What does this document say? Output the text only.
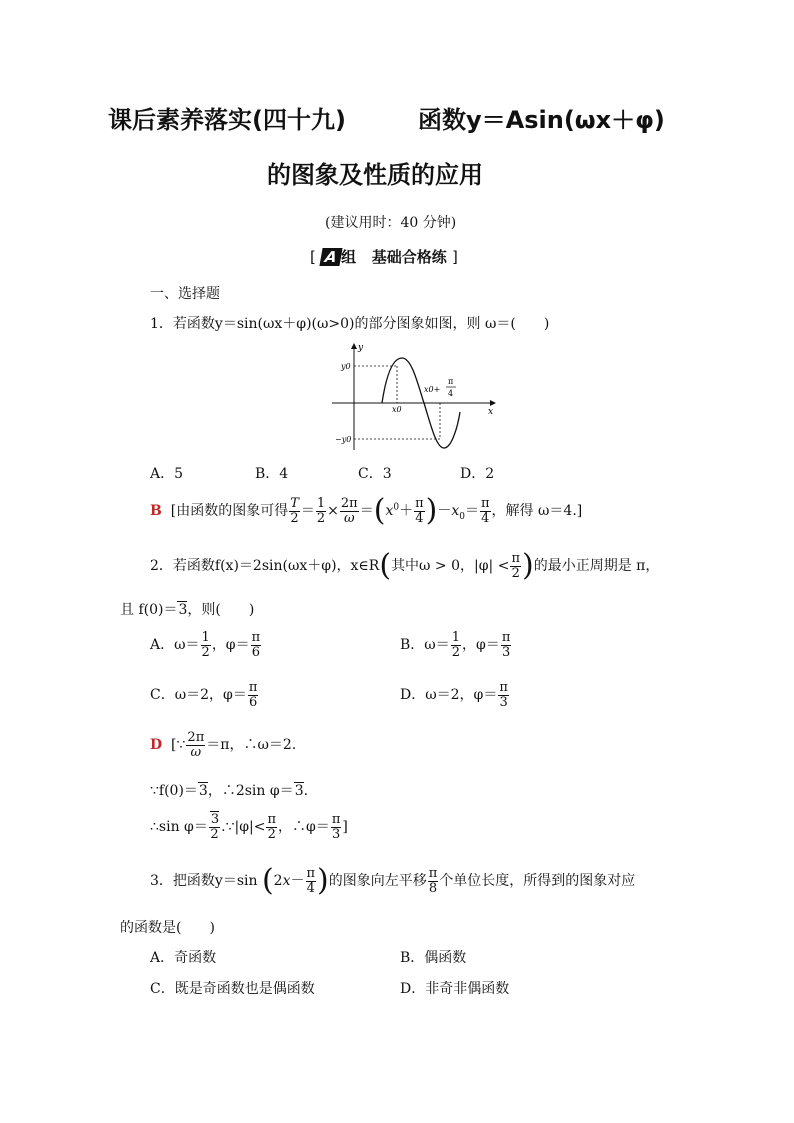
课后素养落实(四十九)	函数y＝Asin(ωx＋φ)
的图象及性质的应用
(建议用时：40 分钟)
[ A 组 基础合格练 ]
一、选择题
1．若函数y＝sin(ωx＋φ)(ω>0)的部分图象如图，则 ω＝(　　)
y
x
y0
−y0
x0
x0+
π
4
A．5	B．4	C．3	D．2
B [由函数的图象可得 $\frac{T}{2} = \frac{1}{2} \times \frac{2\pi}{\omega} =(x^0+ \frac{\pi}{4} )-x_0= \frac{\pi}{4}$ ，解得 ω＝4.]
2．若函数f(x)＝2sin(ωx＋φ)，x∈R(其中ω > 0，$|\varphi| < \frac{\pi}{2}$ )的最小正周期是 π，
且 f(0)＝3，则(　　)
A．$\omega= \frac{1}{2}$ ，$\varphi= \frac{\pi}{6}$	B．$\omega= \frac{1}{2}$ ，$\varphi= \frac{\pi}{3}$
C．ω＝2，$\varphi= \frac{\pi}{6}$	D．ω＝2，$\varphi= \frac{\pi}{3}$
D [∵ $\frac{2\pi}{\omega} =\pi$，∴ω＝2.
∵f(0)＝3，∴2sin φ＝3.
∴sin $\varphi= \frac{3}{2}$ .∵|φ|< $\frac{\pi}{2}$ ，∴φ＝ $\frac{\pi}{3}$ ]
3．把函数y＝sin ($2x- \frac{\pi}{4}$ )的图象向左平移 $\frac{\pi}{8}$ 个单位长度，所得到的图象对应
的函数是(　　)
A．奇函数	B．偶函数
C．既是奇函数也是偶函数	D．非奇非偶函数
